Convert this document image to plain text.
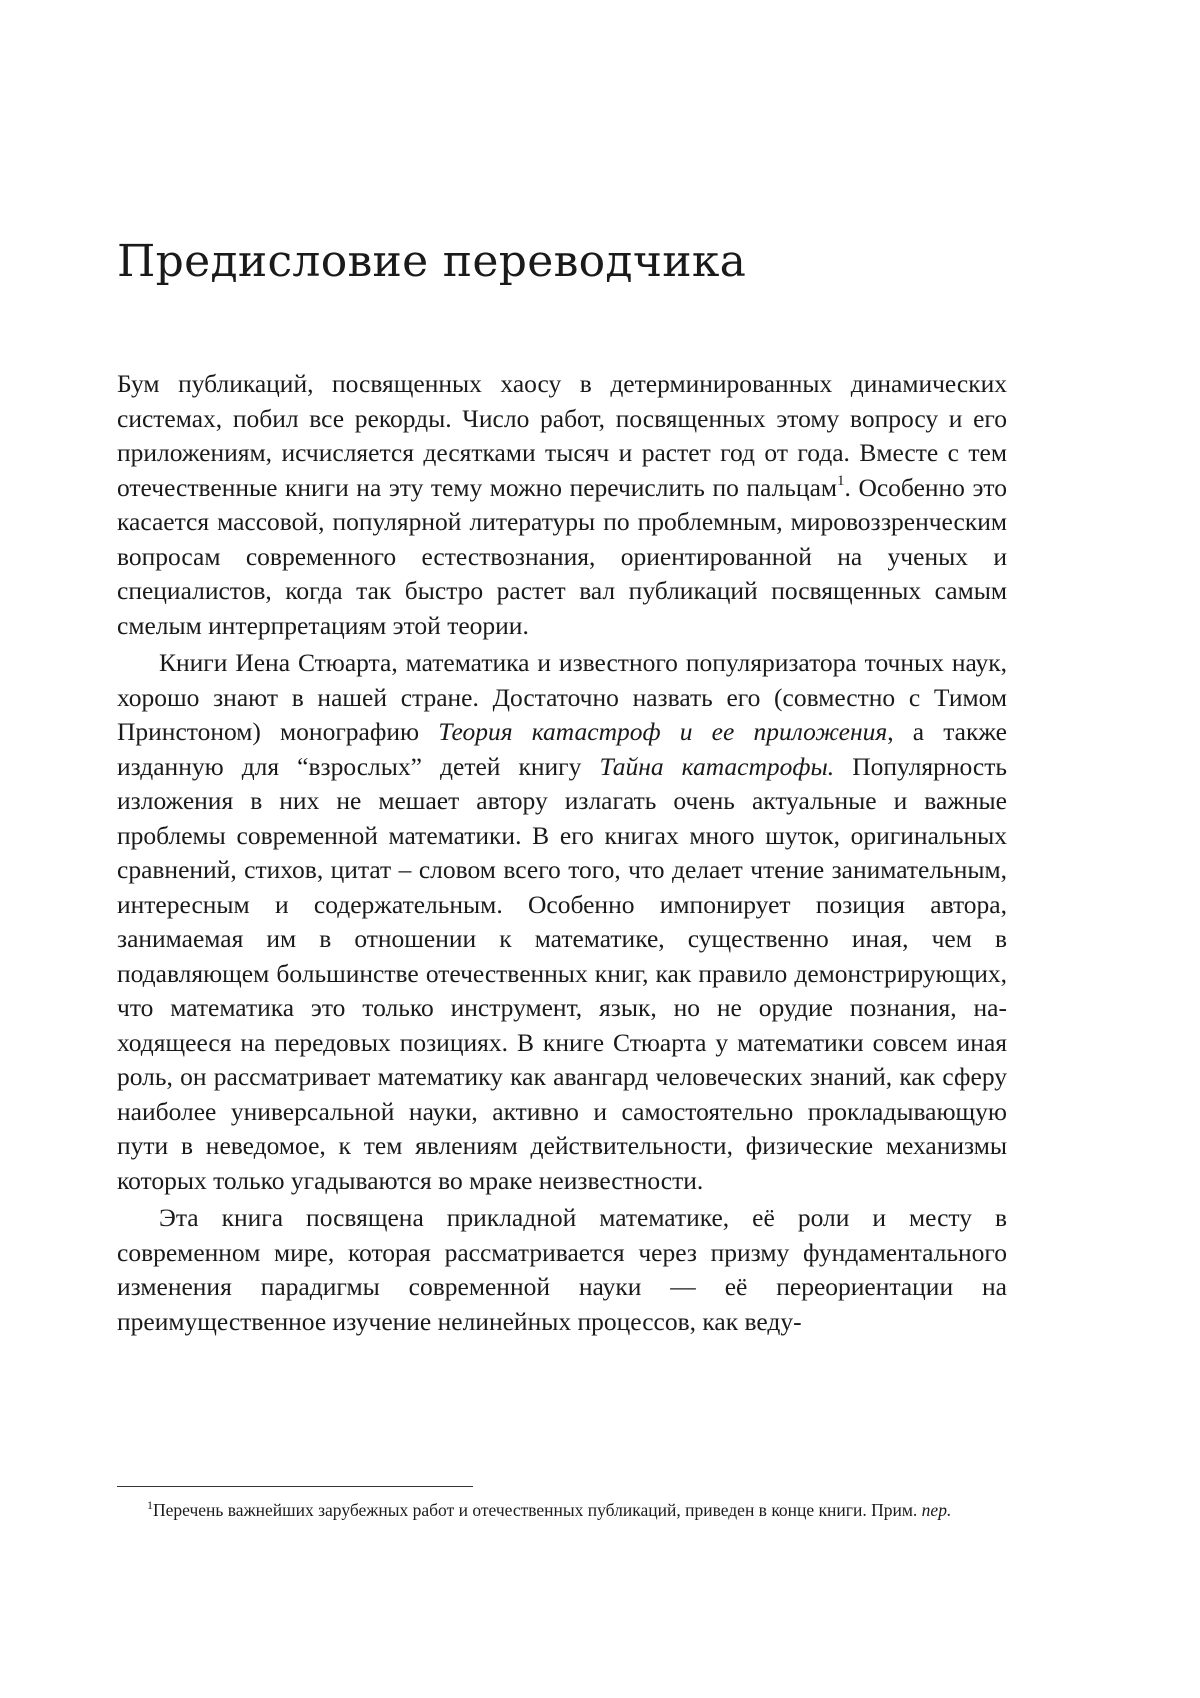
Предисловие переводчика

Бум публикаций, посвященных хаосу в детерминированных динамических системах, побил все рекорды. Число работ, посвященных этому вопросу и его приложениям, исчисляется десятками тысяч и растет год от года. Вместе с тем отечественные книги на эту тему можно перечислить по пальцам$^1$. Особенно это касается массовой, популярной литературы по проблемным, мировоззренческим вопросам современного естествознания, ориентированной на ученых и специалистов, когда так быстро растет вал публикаций посвященных самым смелым интерпретациям этой теории.

Книги Иена Стюарта, математика и известного популяризатора точных наук, хорошо знают в нашей стране. Достаточно назвать его (совместно с Тимом Принстоном) монографию Теория катастроф и ее приложения, а также изданную для “взрослых” детей книгу Тайна катастрофы. Популярность изложения в них не мешает автору излагать очень актуальные и важные проблемы современной математики. В его книгах много шуток, оригинальных сравнений, стихов, цитат – словом всего того, что делает чтение занимательным, интересным и содержательным. Особенно импонирует позиция автора, занимаемая им в отношении к математике, существенно иная, чем в подавляющем большинстве отечественных книг, как правило демонстрирующих, что математика это только инструмент, язык, но не орудие познания, находящееся на передовых позициях. В книге Стюарта у математики совсем иная роль, он рассматривает математику как авангард человеческих знаний, как сферу наиболее универсальной науки, активно и самостоятельно прокладывающую пути в неведомое, к тем явлениям действительности, физические механизмы которых только угадываются во мраке неизвестности.

Эта книга посвящена прикладной математике, её роли и месту в современном мире, которая рассматривается через призму фундаментального изменения парадигмы современной науки — её переориентации на преимущественное изучение нелинейных процессов, как веду-

$^1$Перечень важнейших зарубежных работ и отечественных публикаций, приведен в конце книги. Прим. пер.
